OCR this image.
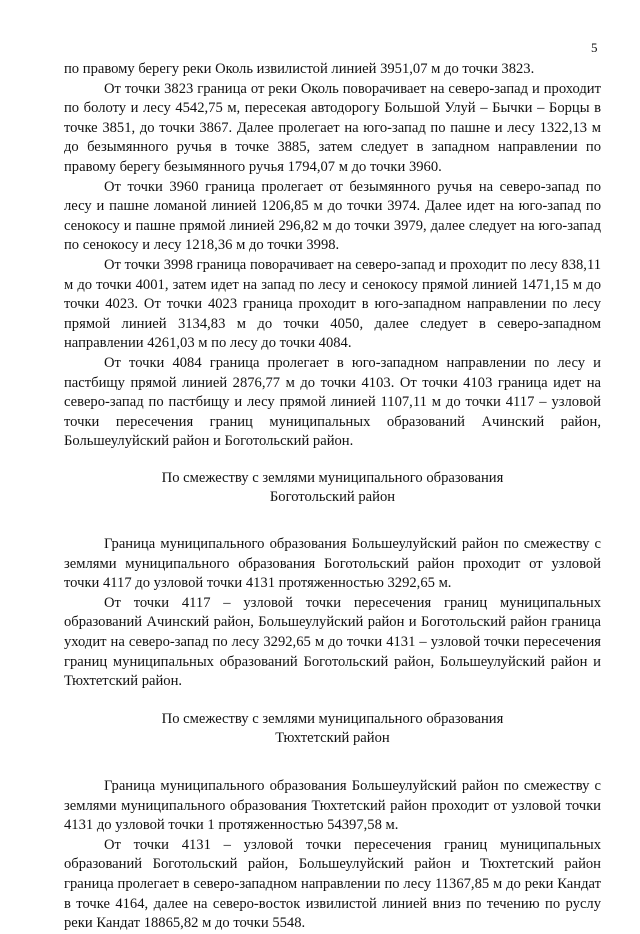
5

по правому берегу реки Околь извилистой линией 3951,07 м до точки 3823.

От точки 3823 граница от реки Околь поворачивает на северо-запад и проходит по болоту и лесу 4542,75 м, пересекая автодорогу Большой Улуй – Бычки – Борцы в точке 3851, до точки 3867. Далее пролегает на юго-запад по пашне и лесу 1322,13 м до безымянного ручья в точке 3885, затем следует в западном направлении по правому берегу безымянного ручья 1794,07 м до точки 3960.

От точки 3960 граница пролегает от безымянного ручья на северо-запад по лесу и пашне ломаной линией 1206,85 м до точки 3974. Далее идет на юго-запад по сенокосу и пашне прямой линией 296,82 м до точки 3979, далее следует на юго-запад по сенокосу и лесу 1218,36 м до точки 3998.

От точки 3998 граница поворачивает на северо-запад и проходит по лесу 838,11 м до точки 4001, затем идет на запад по лесу и сенокосу прямой линией 1471,15 м до точки 4023. От точки 4023 граница проходит в юго-западном направлении по лесу прямой линией 3134,83 м до точки 4050, далее следует в северо-западном направлении 4261,03 м по лесу до точки 4084.

От точки 4084 граница пролегает в юго-западном направлении по лесу и пастбищу прямой линией 2876,77 м до точки 4103. От точки 4103 граница идет на северо-запад по пастбищу и лесу прямой линией 1107,11 м до точки 4117 – узловой точки пересечения границ муниципальных образований Ачинский район, Большеулуйский район и Боготольский район.

По смежеству с землями муниципального образования
Боготольский район

Граница муниципального образования Большеулуйский район по смежеству с землями муниципального образования Боготольский район проходит от узловой точки 4117 до узловой точки 4131 протяженностью 3292,65 м.

От точки 4117 – узловой точки пересечения границ муниципальных образований Ачинский район, Большеулуйский район и Боготольский район граница уходит на северо-запад по лесу 3292,65 м до точки 4131 – узловой точки пересечения границ муниципальных образований Боготольский район, Большеулуйский район и Тюхтетский район.

По смежеству с землями муниципального образования
Тюхтетский район

Граница муниципального образования Большеулуйский район по смежеству с землями муниципального образования Тюхтетский район проходит от узловой точки 4131 до узловой точки 1 протяженностью 54397,58 м.

От точки 4131 – узловой точки пересечения границ муниципальных образований Боготольский район, Большеулуйский район и Тюхтетский район граница пролегает в северо-западном направлении по лесу 11367,85 м до реки Кандат в точке 4164, далее на северо-восток извилистой линией вниз по течению по руслу реки Кандат 18865,82 м до точки 5548.
